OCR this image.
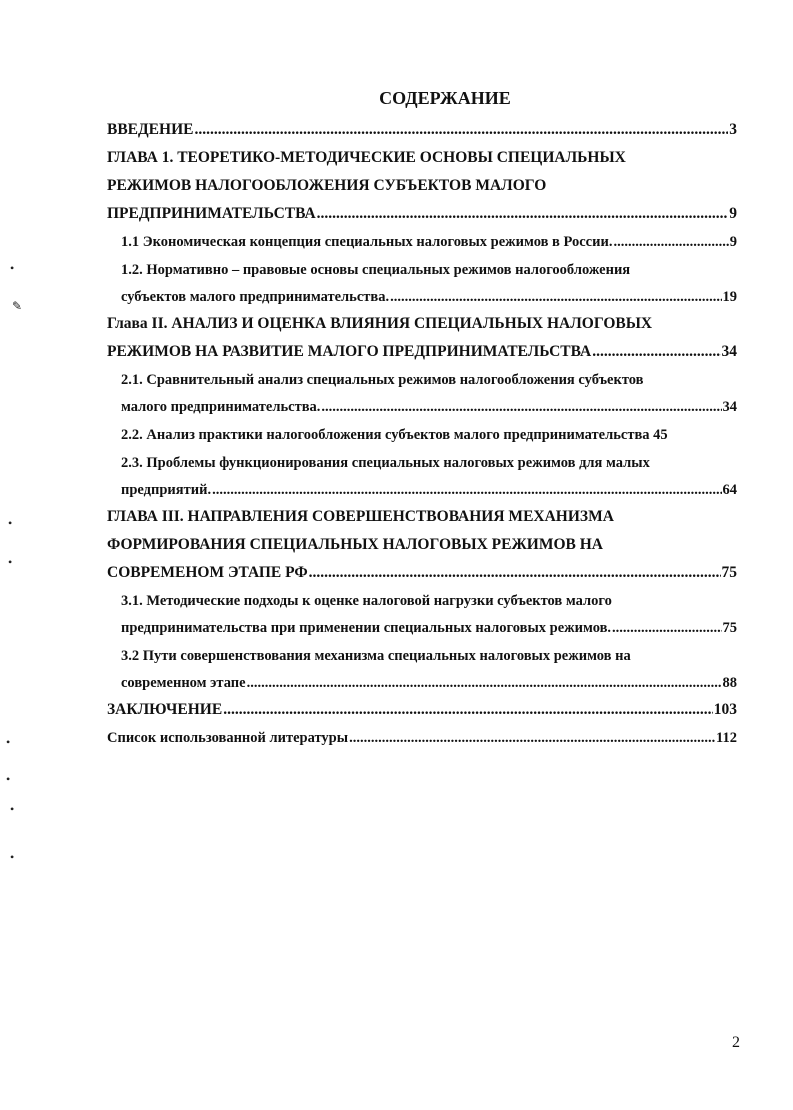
СОДЕРЖАНИЕ
ВВЕДЕНИЕ .....	3
ГЛАВА 1. ТЕОРЕТИКО-МЕТОДИЧЕСКИЕ ОСНОВЫ СПЕЦИАЛЬНЫХ
РЕЖИМОВ НАЛОГООБЛОЖЕНИЯ СУБЪЕКТОВ МАЛОГО
ПРЕДПРИНИМАТЕЛЬСТВА .....	9
1.1 Экономическая концепция специальных налоговых режимов в России. .....	9
1.2. Нормативно – правовые основы специальных режимов налогообложения
субъектов малого предпринимательства. .....	19
Глава II. АНАЛИЗ И ОЦЕНКА ВЛИЯНИЯ СПЕЦИАЛЬНЫХ НАЛОГОВЫХ
РЕЖИМОВ НА РАЗВИТИЕ МАЛОГО ПРЕДПРИНИМАТЕЛЬСТВА .....	34
2.1. Сравнительный анализ специальных режимов налогообложения субъектов
малого предпринимательства. .....	34
2.2. Анализ практики налогообложения субъектов малого предпринимательства 45
2.3. Проблемы функционирования специальных налоговых режимов для малых
предприятий. .....	64
ГЛАВА III. НАПРАВЛЕНИЯ СОВЕРШЕНСТВОВАНИЯ МЕХАНИЗМА
ФОРМИРОВАНИЯ СПЕЦИАЛЬНЫХ НАЛОГОВЫХ РЕЖИМОВ НА
СОВРЕМЕНОМ ЭТАПЕ РФ .....	75
3.1. Методические подходы к оценке налоговой нагрузки субъектов малого
предпринимательства при применении специальных налоговых режимов. .....	75
3.2 Пути совершенствования механизма специальных налоговых режимов на
современном этапе .....	88
ЗАКЛЮЧЕНИЕ .....	103
Список использованной литературы .....	112
2
•
✎
•
•
•
•
•
•
